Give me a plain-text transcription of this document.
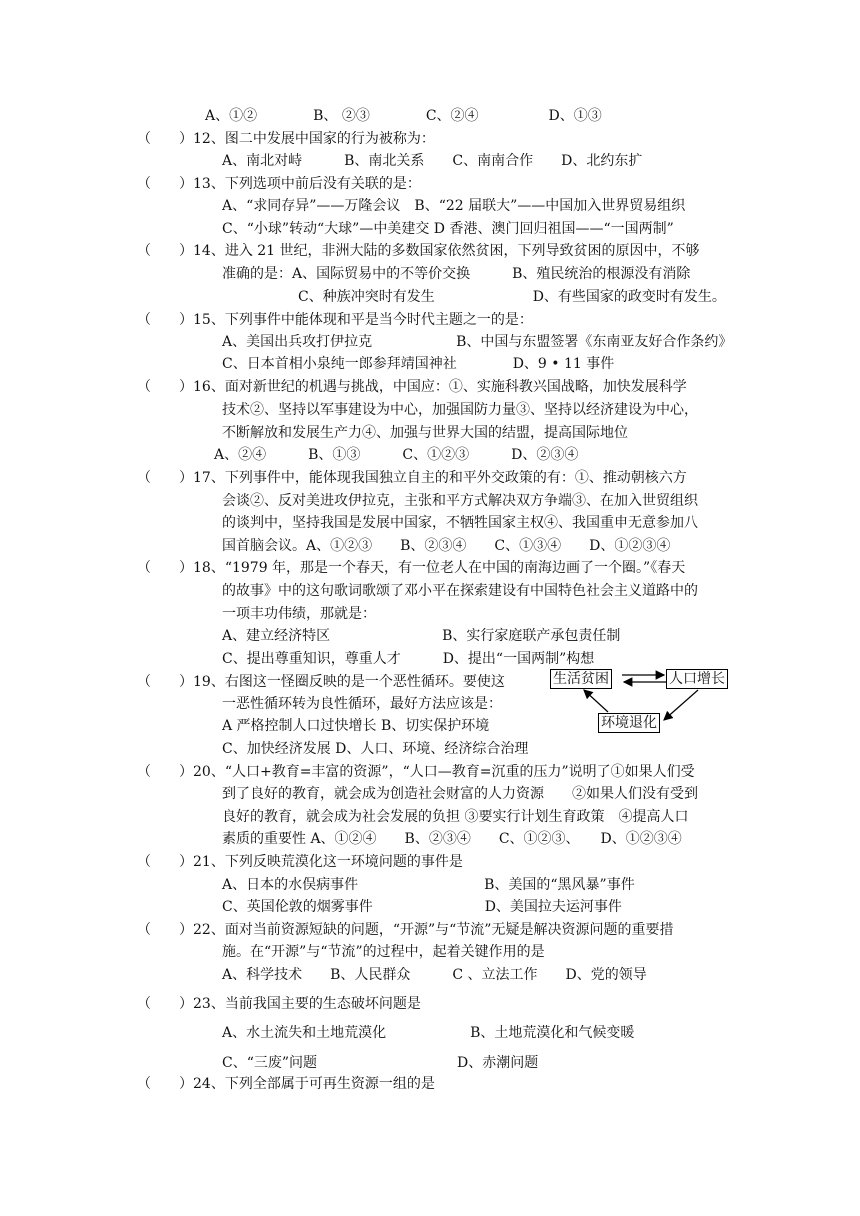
A、①②　　　　B、 ②③　　　　C、②④　　　　　D、①③
（　　）12、图二中发展中国家的行为被称为：
A、南北对峙　　　B、南北关系　　C、南南合作　　D、北约东扩
（　　）13、下列选项中前后没有关联的是：
A、“求同存异”——万隆会议　B、“22 届联大”——中国加入世界贸易组织
C、“小球”转动“大球”—中美建交 D 香港、澳门回归祖国——“一国两制”
（　　）14、进入 21 世纪，非洲大陆的多数国家依然贫困，下列导致贫困的原因中，不够
准确的是：A、国际贸易中的不等价交换　　　B、殖民统治的根源没有消除
C、种族冲突时有发生　　　　　　　D、有些国家的政变时有发生。
（　　）15、下列事件中能体现和平是当今时代主题之一的是：
A、美国出兵攻打伊拉克　　　　　　B、中国与东盟签署《东南亚友好合作条约》
C、日本首相小泉纯一郎参拜靖国神社　　　　D、9 • 11 事件
（　　）16、面对新世纪的机遇与挑战，中国应：①、实施科教兴国战略，加快发展科学
技术②、坚持以军事建设为中心，加强国防力量③、坚持以经济建设为中心，
不断解放和发展生产力④、加强与世界大国的结盟，提高国际地位
A、②④　　　B、①③　　　C、①②③　　　D、②③④
（　　）17、下列事件中，能体现我国独立自主的和平外交政策的有：①、推动朝核六方
会谈②、反对美进攻伊拉克，主张和平方式解决双方争端③、在加入世贸组织
的谈判中，坚持我国是发展中国家，不牺牲国家主权④、我国重申无意参加八
国首脑会议。A、①②③　　B、②③④　　C、①③④　　D、①②③④
（　　）18、“1979 年，那是一个春天，有一位老人在中国的南海边画了一个圈。”《春天
的故事》中的这句歌词歌颂了邓小平在探索建设有中国特色社会主义道路中的
一项丰功伟绩，那就是：
A、建立经济特区　　　　　　　　B、实行家庭联产承包责任制
C、提出尊重知识，尊重人才　　　D、提出“一国两制”构想
（　　）19、右图这一怪圈反映的是一个恶性循环。要使这
一恶性循环转为良性循环，最好方法应该是：
A 严格控制人口过快增长 B、切实保护环境
C、加快经济发展 D、人口、环境、经济综合治理
（　　）20、“人口+教育=丰富的资源”，“人口—教育=沉重的压力”说明了①如果人们受
到了良好的教育，就会成为创造社会财富的人力资源　　②如果人们没有受到
良好的教育，就会成为社会发展的负担 ③要实行计划生育政策　④提高人口
素质的重要性 A、①②④　　B、②③④　　C、①②③、　　D、①②③④
（　　）21、下列反映荒漠化这一环境问题的事件是
A、日本的水俣病事件　　　　　　　　　B、美国的“黑风暴”事件
C、英国伦敦的烟雾事件　　　　　　　　D、美国拉夫运河事件
（　　）22、面对当前资源短缺的问题，“开源”与“节流”无疑是解决资源问题的重要措
施。在“开源”与“节流”的过程中，起着关键作用的是
A、科学技术　　B、人民群众　　　C 、立法工作　　D、党的领导
（　　）23、当前我国主要的生态破坏问题是
A、水土流失和土地荒漠化　　　　　　B、土地荒漠化和气候变暖
C、“三废”问题　　　　　　　　　　D、赤潮问题
（　　）24、下列全部属于可再生资源一组的是
生活贫困	人口增长
环境退化
